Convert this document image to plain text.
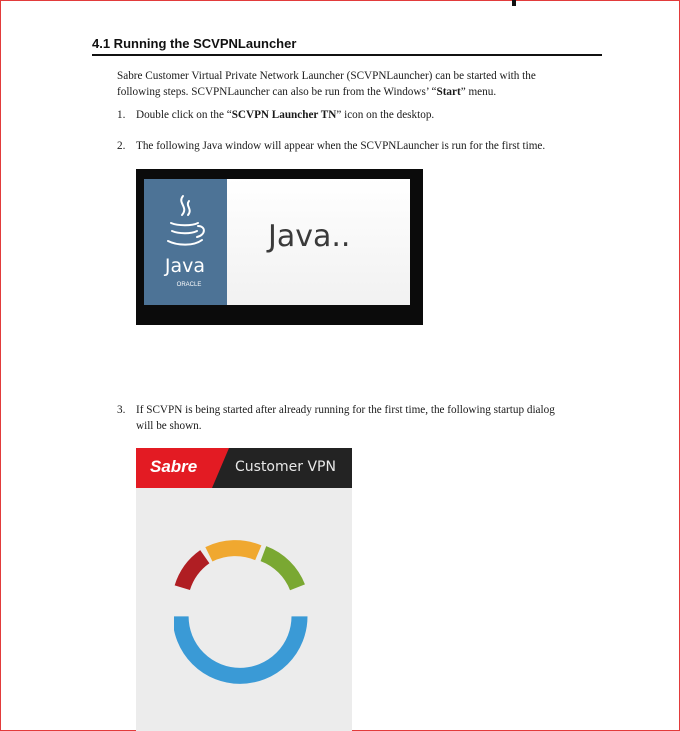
4.1 Running the SCVPNLauncher
Sabre Customer Virtual Private Network Launcher (SCVPNLauncher) can be started with the
following steps. SCVPNLauncher can also be run from the Windows’ “Start” menu.
1. Double click on the “SCVPN Launcher TN” icon on the desktop.
2. The following Java window will appear when the SCVPNLauncher is run for the first time.
Java
ORACLE
Java..
3. If SCVPN is being started after already running for the first time, the following startup dialog
will be shown.
Sabre	Customer VPN
